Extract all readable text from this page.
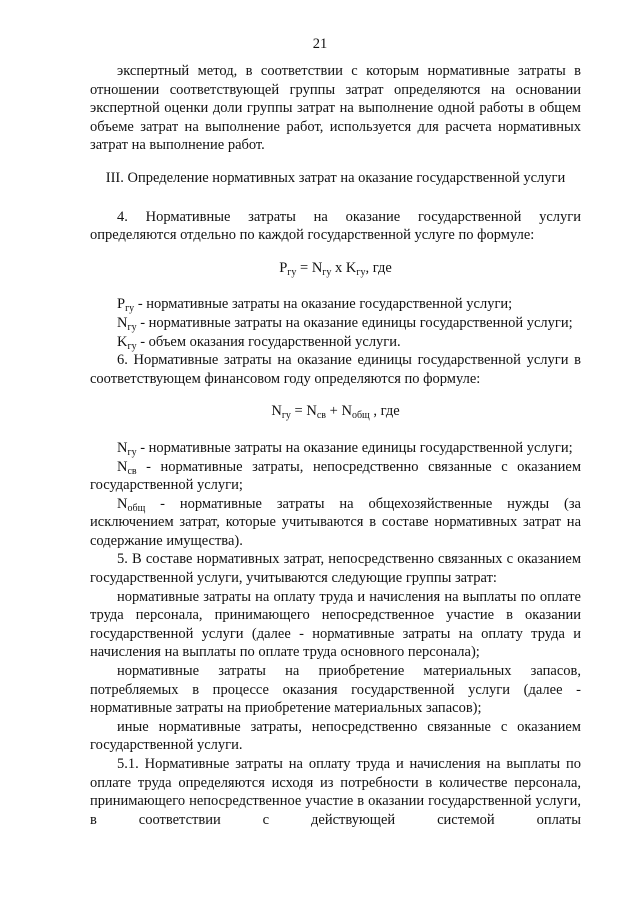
21

экспертный метод, в соответствии с которым нормативные затраты в отношении соответствующей группы затрат определяются на основании экспертной оценки доли группы затрат на выполнение одной работы в общем объеме затрат на выполнение работ, используется для расчета нормативных затрат на выполнение работ.

III. Определение нормативных затрат на оказание государственной услуги

4. Нормативные затраты на оказание государственной услуги определяются отдельно по каждой государственной услуге по формуле:

$P_{гу} = N_{гу}$ x $K_{гу}$, где

$P_{гу}$ - нормативные затраты на оказание государственной услуги;

$N_{гу}$ - нормативные затраты на оказание единицы государственной услуги;

$K_{гу}$ - объем оказания государственной услуги.

6. Нормативные затраты на оказание единицы государственной услуги в соответствующем финансовом году определяются по формуле:

$N_{гу} = N_{св} + N_{общ}$ , где

$N_{гу}$ - нормативные затраты на оказание единицы государственной услуги;

$N_{св}$ - нормативные затраты, непосредственно связанные с оказанием государственной услуги;

$N_{общ}$ - нормативные затраты на общехозяйственные нужды (за исключением затрат, которые учитываются в составе нормативных затрат на содержание имущества).

5. В составе нормативных затрат, непосредственно связанных с оказанием государственной услуги, учитываются следующие группы затрат:

нормативные затраты на оплату труда и начисления на выплаты по оплате труда персонала, принимающего непосредственное участие в оказании государственной услуги (далее - нормативные затраты на оплату труда и начисления на выплаты по оплате труда основного персонала);

нормативные затраты на приобретение материальных запасов, потребляемых в процессе оказания государственной услуги (далее - нормативные затраты на приобретение материальных запасов);

иные нормативные затраты, непосредственно связанные с оказанием государственной услуги.

5.1. Нормативные затраты на оплату труда и начисления на выплаты по оплате труда определяются исходя из потребности в количестве персонала, принимающего непосредственное участие в оказании государственной услуги, в соответствии с действующей системой оплаты
